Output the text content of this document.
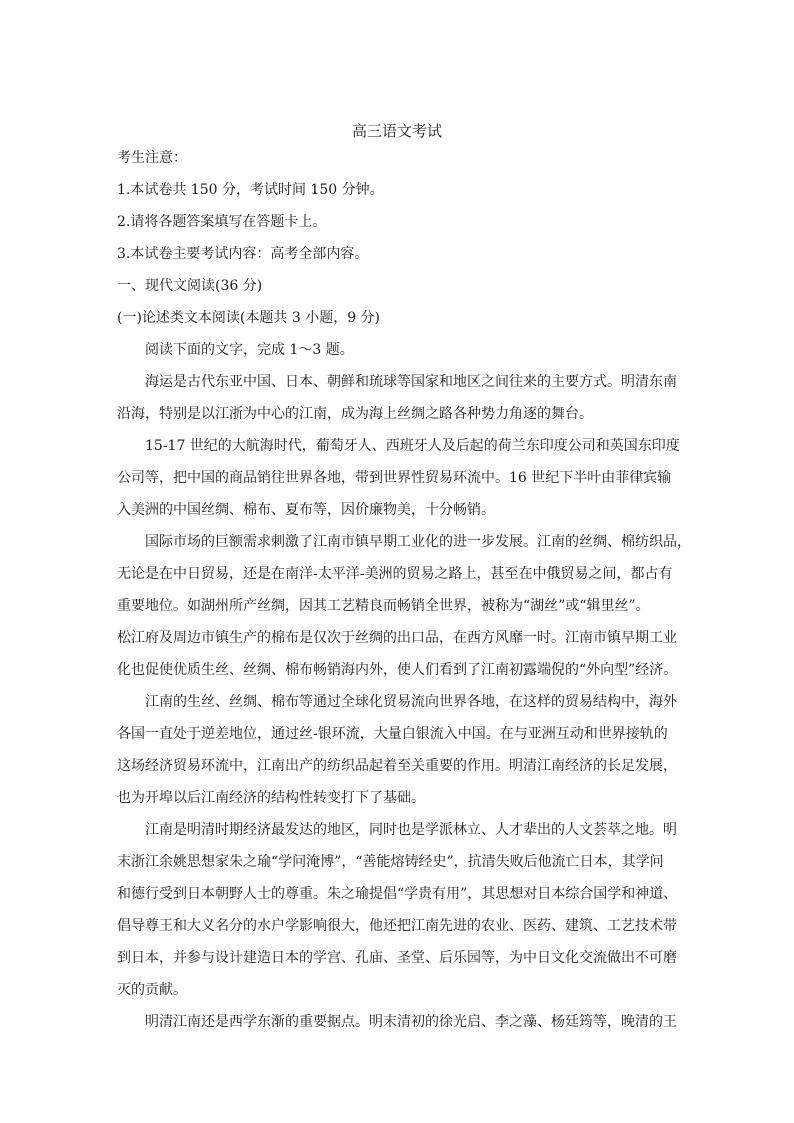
高三语文考试
考生注意：
1.本试卷共 150 分，考试时间 150 分钟。
2.请将各题答案填写在答题卡上。
3.本试卷主要考试内容：高考全部内容。
一、现代文阅读(36 分)
(一)论述类文本阅读(本题共 3 小题，9 分)
阅读下面的文字，完成 1～3 题。
海运是古代东亚中国、日本、朝鲜和琉球等国家和地区之间往来的主要方式。明清东南
沿海，特别是以江浙为中心的江南，成为海上丝绸之路各种势力角逐的舞台。
15-17 世纪的大航海时代，葡萄牙人、西班牙人及后起的荷兰东印度公司和英国东印度
公司等，把中国的商品销往世界各地，带到世界性贸易环流中。16 世纪下半叶由菲律宾输
入美洲的中国丝绸、棉布、夏布等，因价廉物美，十分畅销。
国际市场的巨额需求刺激了江南市镇早期工业化的进一步发展。江南的丝绸、棉纺织品，
无论是在中日贸易，还是在南洋-太平洋-美洲的贸易之路上，甚至在中俄贸易之间，都占有
重要地位。如湖州所产丝绸，因其工艺精良而畅销全世界，被称为“湖丝”或“辑里丝”。
松江府及周边市镇生产的棉布是仅次于丝绸的出口品，在西方风靡一时。江南市镇早期工业
化也促使优质生丝、丝绸、棉布畅销海内外，使人们看到了江南初露端倪的“外向型”经济。
江南的生丝、丝绸、棉布等通过全球化贸易流向世界各地，在这样的贸易结构中，海外
各国一直处于逆差地位，通过丝-银环流，大量白银流入中国。在与亚洲互动和世界接轨的
这场经济贸易环流中，江南出产的纺织品起着至关重要的作用。明清江南经济的长足发展，
也为开埠以后江南经济的结构性转变打下了基础。
江南是明清时期经济最发达的地区，同时也是学派林立、人才辈出的人文荟萃之地。明
末浙江余姚思想家朱之瑜“学问淹博”，“善能熔铸经史”，抗清失败后他流亡日本，其学问
和德行受到日本朝野人士的尊重。朱之瑜提倡“学贵有用”，其思想对日本综合国学和神道、
倡导尊王和大义名分的水户学影响很大，他还把江南先进的农业、医药、建筑、工艺技术带
到日本，并参与设计建造日本的学宫、孔庙、圣堂、后乐园等，为中日文化交流做出不可磨
灭的贡献。
明清江南还是西学东渐的重要据点。明末清初的徐光启、李之藻、杨廷筠等，晚清的王
